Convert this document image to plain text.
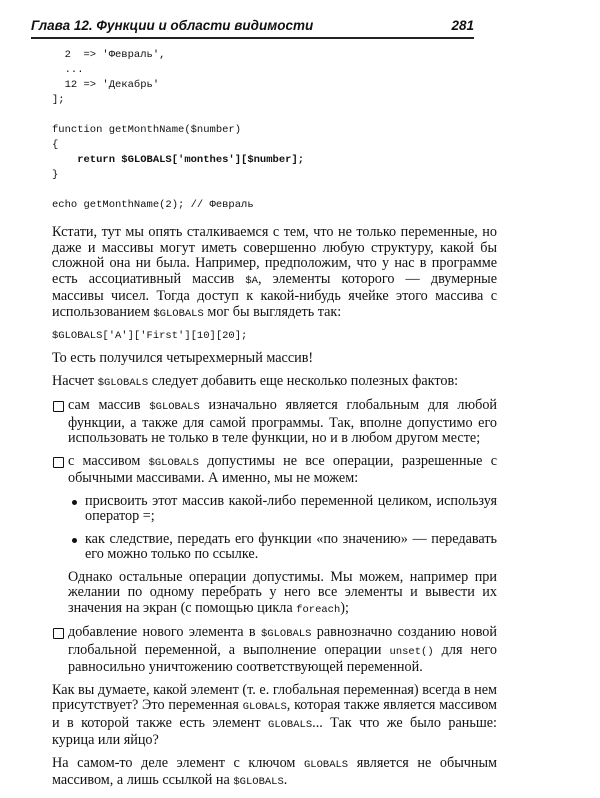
Глава 12. Функции и области видимости	281
2  => 'Февраль',
...
12 => 'Декабрь'
];
function getMonthName($number)
{
return $GLOBALS['monthes'][$number];
}
echo getMonthName(2); // Февраль
Кстати, тут мы опять сталкиваемся с тем, что не только переменные, но даже и массивы могут иметь совершенно любую структуру, какой бы сложной она ни была. Например, предположим, что у нас в программе есть ассоциативный массив $A, элементы которого — двумерные массивы чисел. Тогда доступ к какой-нибудь ячейке этого массива с использованием $GLOBALS мог бы выглядеть так:
$GLOBALS['A']['First'][10][20];
То есть получился четырехмерный массив!
Насчет $GLOBALS следует добавить еще несколько полезных фактов:
сам массив $GLOBALS изначально является глобальным для любой функции, а также для самой программы. Так, вполне допустимо его использовать не только в теле функции, но и в любом другом месте;
с массивом $GLOBALS допустимы не все операции, разрешенные с обычными массивами. А именно, мы не можем:
присвоить этот массив какой-либо переменной целиком, используя оператор =;
как следствие, передать его функции «по значению» — передавать его можно только по ссылке.
Однако остальные операции допустимы. Мы можем, например при желании по одному перебрать у него все элементы и вывести их значения на экран (с помощью цикла foreach);
добавление нового элемента в $GLOBALS равнозначно созданию новой глобальной переменной, а выполнение операции unset() для него равносильно уничтожению соответствующей переменной.
Как вы думаете, какой элемент (т. е. глобальная переменная) всегда в нем присутствует? Это переменная GLOBALS, которая также является массивом и в которой также есть элемент GLOBALS... Так что же было раньше: курица или яйцо?
На самом-то деле элемент с ключом GLOBALS является не обычным массивом, а лишь ссылкой на $GLOBALS.
